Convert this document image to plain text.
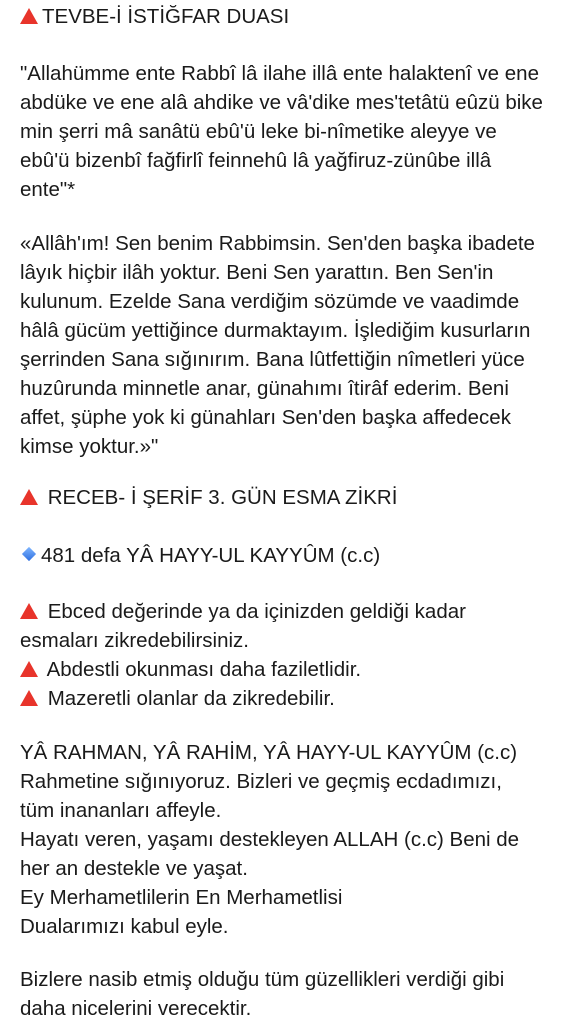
TEVBE-İ İSTİĞFAR DUASI
"Allahümme ente Rabbî lâ ilahe illâ ente halaktenî ve ene
abdüke ve ene alâ ahdike ve vâ'dike mes'tetâtü eûzü bike
min şerri mâ sanâtü ebû'ü leke bi-nîmetike aleyye ve
ebû'ü bizenbî fağfirlî feinnehû lâ yağfiruz-zünûbe illâ
ente"*
«Allâh'ım! Sen benim Rabbimsin. Sen'den başka ibadete
lâyık hiçbir ilâh yoktur. Beni Sen yarattın. Ben Sen'in
kulunum. Ezelde Sana verdiğim sözümde ve vaadimde
hâlâ gücüm yettiğince durmaktayım. İşlediğim kusurların
şerrinden Sana sığınırım. Bana lûtfettiğin nîmetleri yüce
huzûrunda minnetle anar, günahımı îtirâf ederim. Beni
affet, şüphe yok ki günahları Sen'den başka affedecek
kimse yoktur.»"
RECEB- İ ŞERİF 3. GÜN ESMA ZİKRİ
481 defa YÂ HAYY-UL KAYYÛM (c.c)
Ebced değerinde ya da içinizden geldiği kadar
esmaları zikredebilirsiniz.
Abdestli okunması daha faziletlidir.
Mazeretli olanlar da zikredebilir.
YÂ RAHMAN, YÂ RAHİM, YÂ HAYY-UL KAYYÛM (c.c)
Rahmetine sığınıyoruz. Bizleri ve geçmiş ecdadımızı,
tüm inananları affeyle.
Hayatı veren, yaşamı destekleyen ALLAH (c.c) Beni de
her an destekle ve yaşat.
Ey Merhametlilerin En Merhametlisi
Dualarımızı kabul eyle.
Bizlere nasib etmiş olduğu tüm güzellikleri verdiği gibi
daha nicelerini verecektir.
